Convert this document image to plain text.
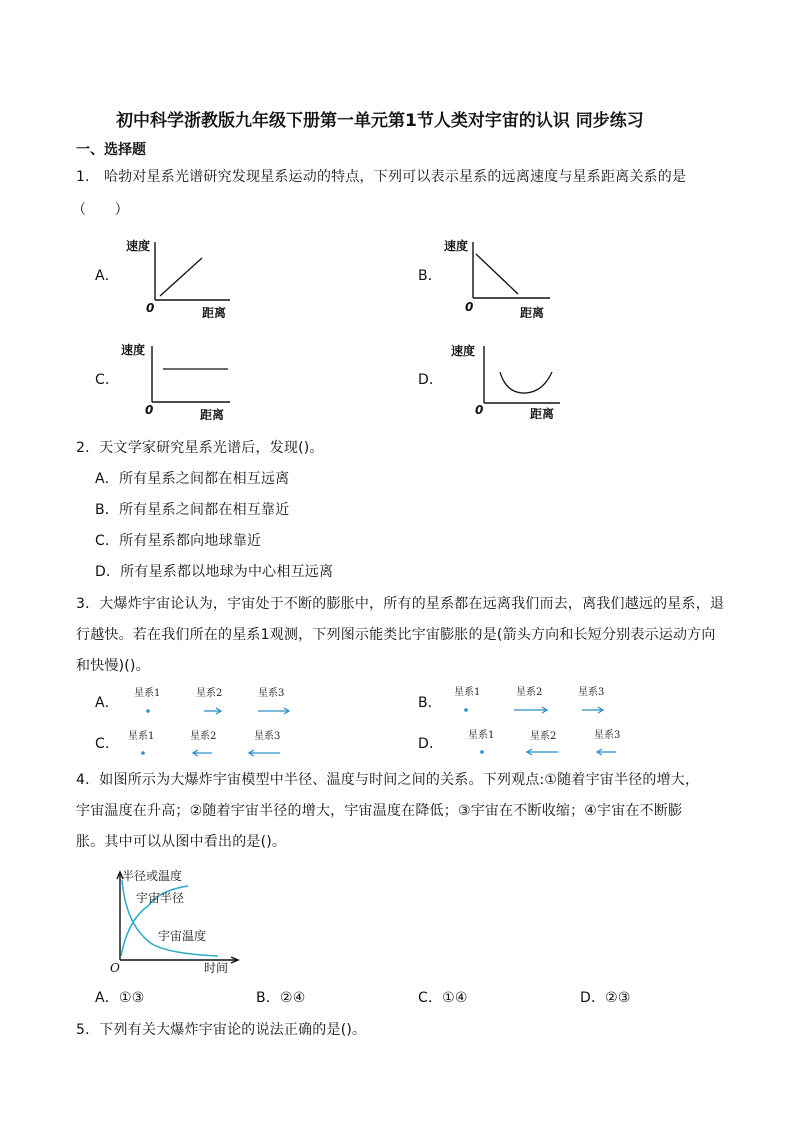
初中科学浙教版九年级下册第一单元第1节人类对宇宙的认识 同步练习
一、选择题
1.　哈勃对星系光谱研究发现星系运动的特点，下列可以表示星系的远离速度与星系距离关系的是
（　　）
A．
速度
0	距离
B．
速度
0	距离
C．
速度
0	距离
D．
速度
0	距离
2．天文学家研究星系光谱后，发现()。
A．所有星系之间都在相互远离
B．所有星系之间都在相互靠近
C．所有星系都向地球靠近
D．所有星系都以地球为中心相互远离
3．大爆炸宇宙论认为，宇宙处于不断的膨胀中，所有的星系都在远离我们而去，离我们越远的星系，退
行越快。若在我们所在的星系1观测，下列图示能类比宇宙膨胀的是(箭头方向和长短分别表示运动方向
和快慢)()。
A．
星系1	星系2	星系3
B．
星系1	星系2	星系3
C． 星系1	星系2	星系3	D．
星系1	星系2	星系3
4．如图所示为大爆炸宇宙模型中半径、温度与时间之间的关系。下列观点:①随着宇宙半径的增大，
宇宙温度在升高；②随着宇宙半径的增大，宇宙温度在降低；③宇宙在不断收缩；④宇宙在不断膨
胀。其中可以从图中看出的是()。
半径或温度
宇宙半径
宇宙温度
O	时间
A．①③	B．②④	C．①④	D．②③
5．下列有关大爆炸宇宙论的说法正确的是()。
